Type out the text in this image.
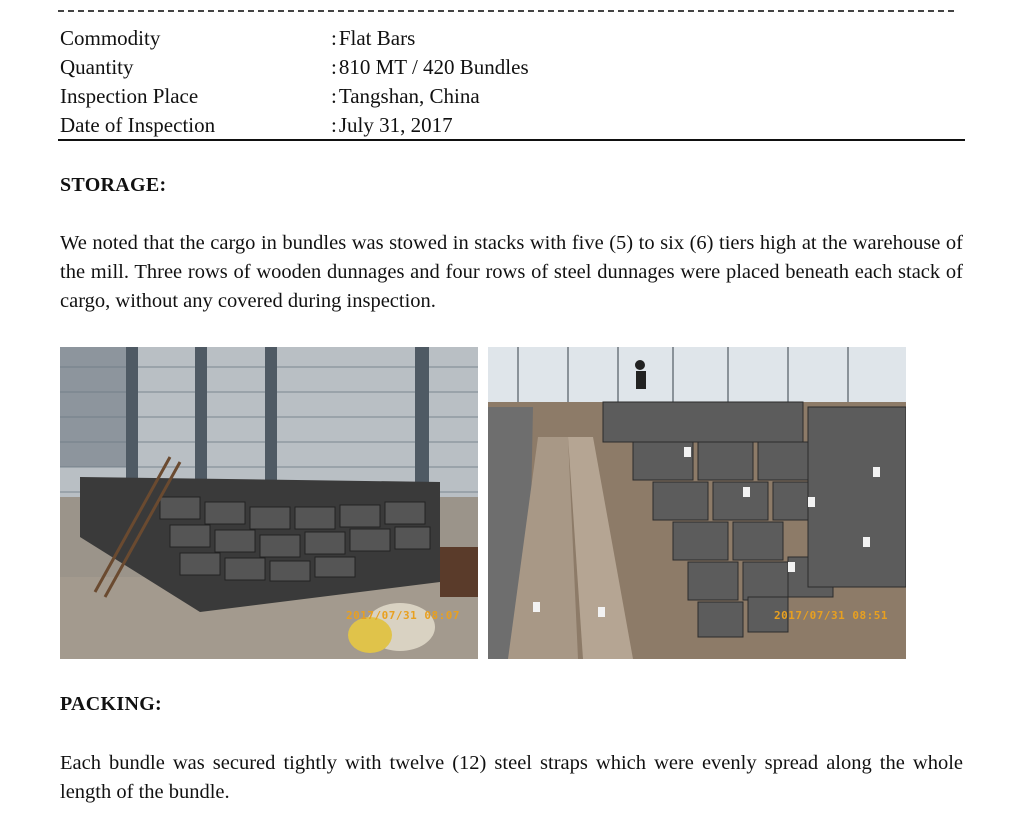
Commodity	:Flat Bars
Quantity	:810 MT / 420 Bundles
Inspection Place	:Tangshan, China
Date of Inspection	:July 31, 2017
STORAGE:
We noted that the cargo in bundles was stowed in stacks with five (5) to six (6) tiers high at the warehouse of the mill. Three rows of wooden dunnages and four rows of steel dunnages were placed beneath each stack of cargo, without any covered during inspection.
2017/07/31 08:07	2017/07/31 08:51
PACKING:
Each bundle was secured tightly with twelve (12) steel straps which were evenly spread along the whole length of the bundle.
